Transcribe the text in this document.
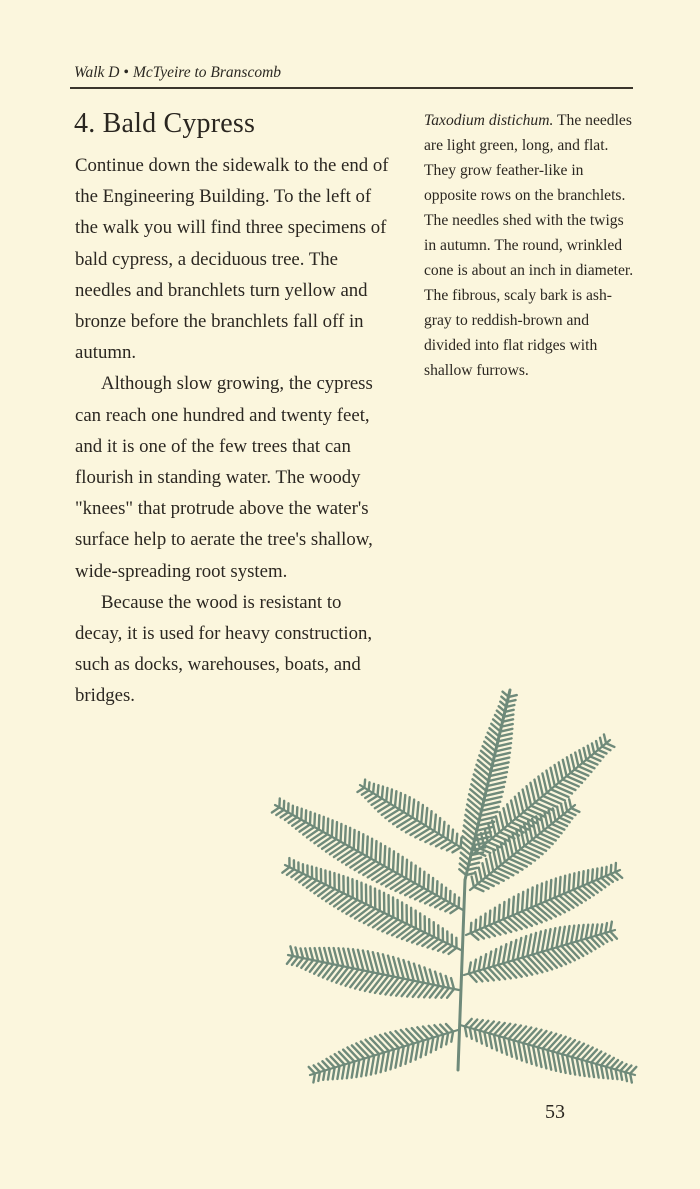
Walk D • McTyeire to Branscomb
4. Bald Cypress

Continue down the sidewalk to the end of the Engineering Building. To the left of the walk you will find three specimens of bald cypress, a deciduous tree. The needles and branchlets turn yellow and bronze before the branchlets fall off in autumn.

Although slow growing, the cypress can reach one hundred and twenty feet, and it is one of the few trees that can flourish in standing water. The woody "knees" that protrude above the water's surface help to aerate the tree's shallow, wide-spreading root system.

Because the wood is resistant to decay, it is used for heavy construction, such as docks, warehouses, boats, and bridges.

Taxodium distichum. The needles are light green, long, and flat. They grow feather-like in opposite rows on the branchlets. The needles shed with the twigs in autumn. The round, wrinkled cone is about an inch in diameter. The fibrous, scaly bark is ash-gray to reddish-brown and divided into flat ridges with shallow furrows.

53
